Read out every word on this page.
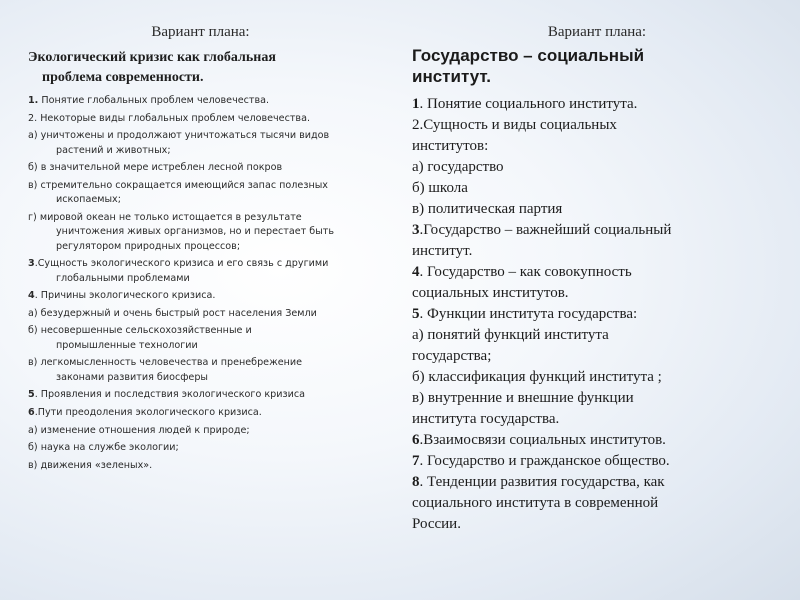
Вариант плана:
Экологический кризис как глобальная
проблема современности.
1. Понятие глобальных проблем человечества.
2. Некоторые виды глобальных проблем человечества.
а) уничтожены и продолжают уничтожаться тысячи видов
растений и животных;
б) в значительной мере истреблен лесной покров
в) стремительно сокращается имеющийся запас полезных
ископаемых;
г) мировой океан не только истощается в результате
уничтожения живых организмов, но и перестает быть регулятором природных процессов;
3.Сущность экологического кризиса и его связь с другими
глобальными проблемами
4. Причины экологического кризиса.
а) безудержный и очень быстрый рост населения Земли
б) несовершенные сельскохозяйственные и
промышленные технологии
в) легкомысленность человечества и пренебрежение
законами развития биосферы
5. Проявления и последствия экологического кризиса
6.Пути преодоления экологического кризиса.
а) изменение отношения людей к природе;
б) наука на службе экологии;
в) движения «зеленых».
Вариант плана:
Государство – социальный
институт.
1. Понятие социального института.
2.Сущность и виды социальных
институтов:
а) государство
б) школа
в) политическая партия
3.Государство – важнейший социальный
институт.
4. Государство – как совокупность
социальных институтов.
5. Функции института государства:
а) понятий функций института
государства;
б) классификация функций института ;
в) внутренние и внешние функции
института государства.
6.Взаимосвязи социальных институтов.
7. Государство и гражданское общество.
8. Тенденции развития государства, как
социального института в современной
России.
